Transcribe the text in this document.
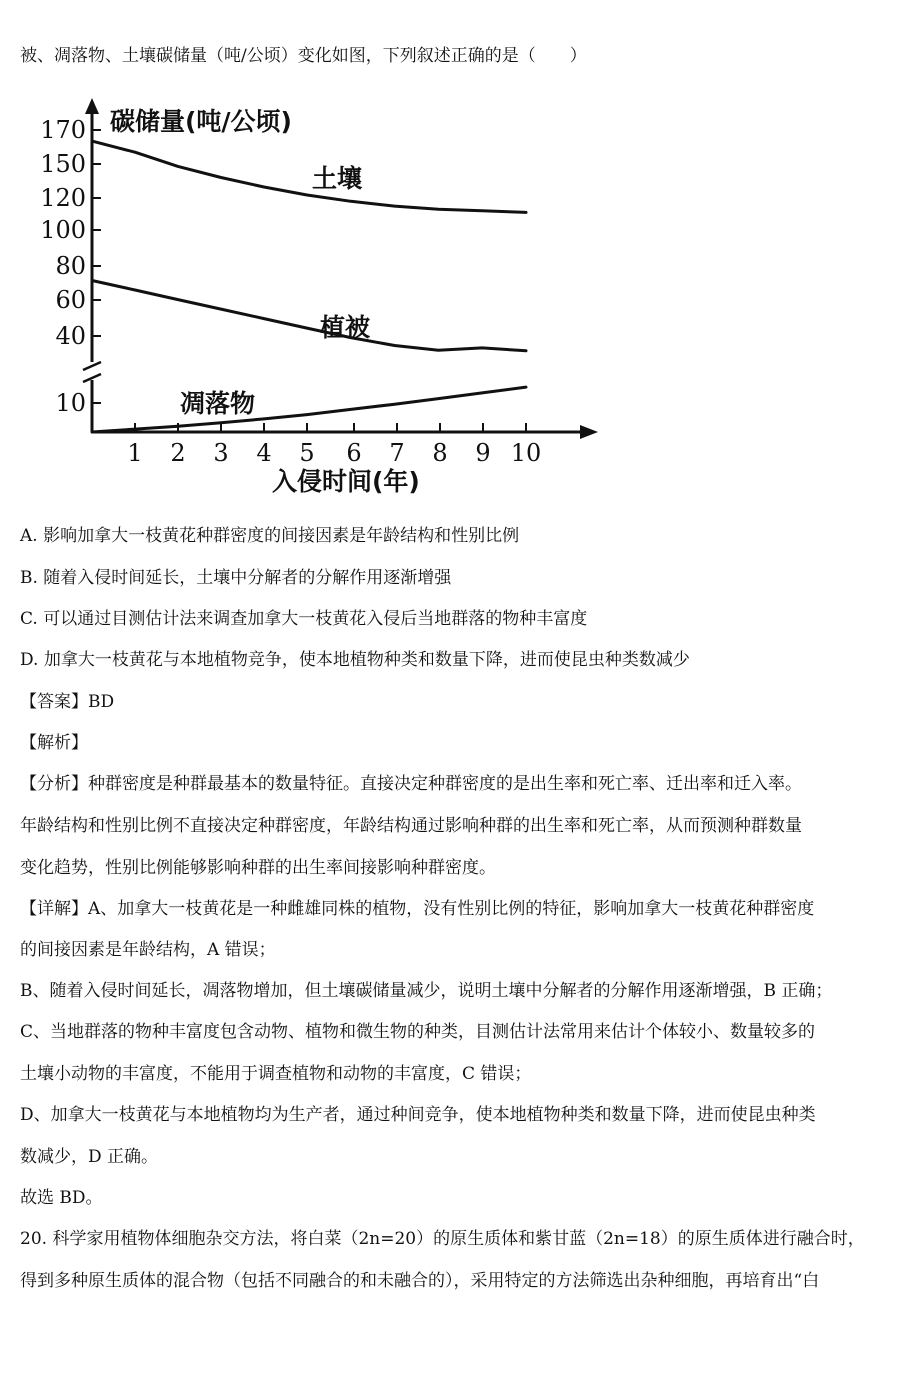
被、凋落物、土壤碳储量（吨/公顷）变化如图，下列叙述正确的是（　　）
170
150
120
100
80
60
40
10
1 2 3 4 5 6 7 8 9 10
碳储量(吨/公顷)
入侵时间(年)
土壤
植被
凋落物
A. 影响加拿大一枝黄花种群密度的间接因素是年龄结构和性别比例
B. 随着入侵时间延长，土壤中分解者的分解作用逐渐增强
C. 可以通过目测估计法来调查加拿大一枝黄花入侵后当地群落的物种丰富度
D. 加拿大一枝黄花与本地植物竞争，使本地植物种类和数量下降，进而使昆虫种类数减少
【答案】BD
【解析】
【分析】种群密度是种群最基本的数量特征。直接决定种群密度的是出生率和死亡率、迁出率和迁入率。
年龄结构和性别比例不直接决定种群密度，年龄结构通过影响种群的出生率和死亡率，从而预测种群数量
变化趋势，性别比例能够影响种群的出生率间接影响种群密度。
【详解】A、加拿大一枝黄花是一种雌雄同株的植物，没有性别比例的特征，影响加拿大一枝黄花种群密度
的间接因素是年龄结构，A 错误；
B、随着入侵时间延长，凋落物增加，但土壤碳储量减少，说明土壤中分解者的分解作用逐渐增强，B 正确；
C、当地群落的物种丰富度包含动物、植物和微生物的种类，目测估计法常用来估计个体较小、数量较多的
土壤小动物的丰富度，不能用于调查植物和动物的丰富度，C 错误；
D、加拿大一枝黄花与本地植物均为生产者，通过种间竞争，使本地植物种类和数量下降，进而使昆虫种类
数减少，D 正确。
故选 BD。
20. 科学家用植物体细胞杂交方法，将白菜（2n=20）的原生质体和紫甘蓝（2n=18）的原生质体进行融合时，
得到多种原生质体的混合物（包括不同融合的和未融合的），采用特定的方法筛选出杂种细胞，再培育出“白
